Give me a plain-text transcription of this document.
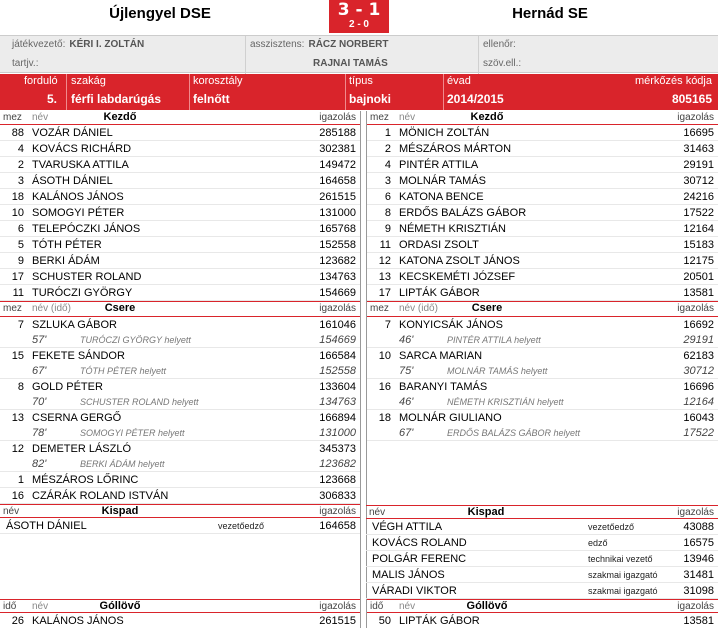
Újlengyel DSE	3 - 1
2 - 0
Hernád SE
játékvezető: KÉRI I. ZOLTÁN
tartjv.:
asszisztens: RÁCZ NORBERT
RAJNAI TAMÁS
ellenőr:
szöv.ell.:
forduló
5.
szakág
férfi labdarúgás
korosztály
felnőtt
típus
bajnoki
évad
2014/2015
mérkőzés kódja
805165
mez név	Kezdő	igazolás
88 VOZÁR DÁNIEL	285188
4 KOVÁCS RICHÁRD	302381
2 TVARUSKA ATTILA	149472
3 ÁSOTH DÁNIEL	164658
18 KALÁNOS JÁNOS	261515
10 SOMOGYI PÉTER	131000
6 TELEPÓCZKI JÁNOS	165768
5 TÓTH PÉTER	152558
9 BERKI ÁDÁM	123682
17 SCHUSTER ROLAND	134763
11 TURÓCZI GYÖRGY	154669
mez név (idő)	Csere	igazolás
7 SZLUKA GÁBOR	161046
57'	TURÓCZI GYÖRGY helyett	154669
15 FEKETE SÁNDOR	166584
67'	TÓTH PÉTER helyett	152558
8 GOLD PÉTER	133604
70'	SCHUSTER ROLAND helyett	134763
13 CSERNA GERGŐ	166894
78'	SOMOGYI PÉTER helyett	131000
12 DEMETER LÁSZLÓ	345373
82'	BERKI ÁDÁM helyett	123682
1 MÉSZÁROS LŐRINC	123668
16 CZÁRÁK ROLAND ISTVÁN	306833
név	Kispad	igazolás
ÁSOTH DÁNIEL	vezetőedző	164658
mez név	Kezdő	igazolás
1 MÖNICH ZOLTÁN	16695
2 MÉSZÁROS MÁRTON	31463
4 PINTÉR ATTILA	29191
3 MOLNÁR TAMÁS	30712
6 KATONA BENCE	24216
8 ERDŐS BALÁZS GÁBOR	17522
9 NÉMETH KRISZTIÁN	12164
11 ORDASI ZSOLT	15183
12 KATONA ZSOLT JÁNOS	12175
13 KECSKEMÉTI JÓZSEF	20501
17 LIPTÁK GÁBOR	13581
mez név (idő)	Csere	igazolás
7 KONYICSÁK JÁNOS	16692
46'	PINTÉR ATTILA helyett	29191
10 SARCA MARIAN	62183
75'	MOLNÁR TAMÁS helyett	30712
16 BARANYI TAMÁS	16696
46'	NÉMETH KRISZTIÁN helyett	12164
18 MOLNÁR GIULIANO	16043
67'	ERDŐS BALÁZS GÁBOR helyett	17522
név	Kispad	igazolás
VÉGH ATTILA	vezetőedző	43088
KOVÁCS ROLAND	edző	16575
POLGÁR FERENC	technikai vezető	13946
MALIS JÁNOS	szakmai igazgató 31481
VÁRADI VIKTOR	szakmai igazgató 31098
idő név	Góllövő	igazolás
26 KALÁNOS JÁNOS	261515
idő név	Góllövő	igazolás
50 LIPTÁK GÁBOR	13581
